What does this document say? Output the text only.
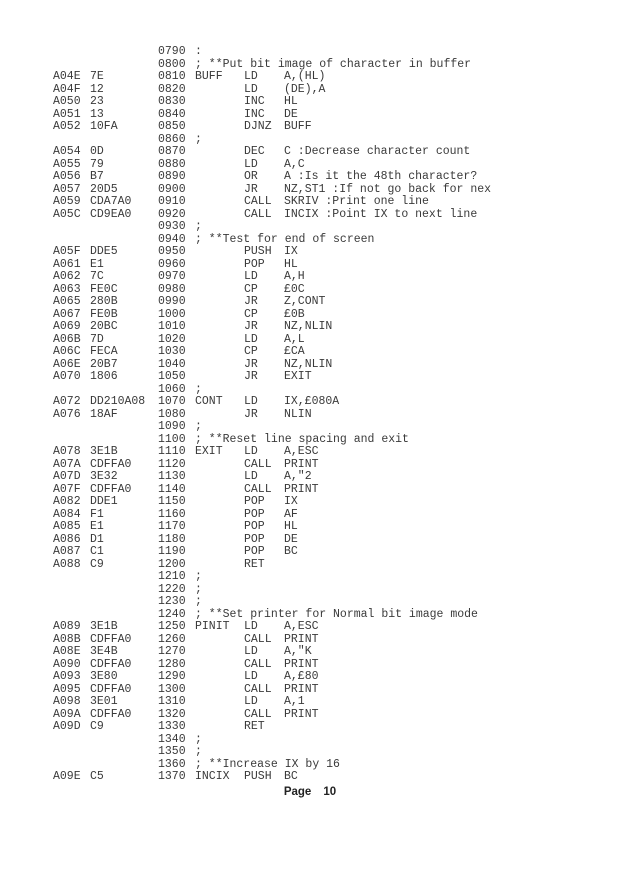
0790 :
0800 ; **Put bit image of character in buffer
A04E 7E	0810 BUFF LD A,(HL)
A04F 12	0820	LD (DE),A
A050 23	0830	INC HL
A051 13	0840	INC DE
A052 10FA	0850	DJNZ BUFF
0860 ;
A054 0D	0870	DEC C :Decrease character count
A055 79	0880	LD A,C
A056 B7	0890	OR A :Is it the 48th character?
A057 20D5	0900	JR NZ,ST1 :If not go back for nex
A059 CDA7A0 0910	CALL SKRIV :Print one line
A05C CD9EA0 0920	CALL INCIX :Point IX to next line
0930 ;
0940 ; **Test for end of screen
A05F DDE5	0950	PUSH IX
A061 E1	0960	POP HL
A062 7C	0970	LD A,H
A063 FE0C	0980	CP £0C
A065 280B	0990	JR Z,CONT
A067 FE0B	1000	CP £0B
A069 20BC	1010	JR NZ,NLIN
A06B 7D	1020	LD A,L
A06C FECA	1030	CP £CA
A06E 20B7	1040	JR NZ,NLIN
A070 1806	1050	JR EXIT
1060 ;
A072 DD210A08 1070 CONT LD IX,£080A
A076 18AF	1080	JR NLIN
1090 ;
1100 ; **Reset line spacing and exit
A078 3E1B	1110 EXIT LD A,ESC
A07A CDFFA0 1120	CALL PRINT
A07D 3E32	1130	LD A,"2
A07F CDFFA0 1140	CALL PRINT
A082 DDE1	1150	POP IX
A084 F1	1160	POP AF
A085 E1	1170	POP HL
A086 D1	1180	POP DE
A087 C1	1190	POP BC
A088 C9	1200	RET
1210 ;
1220 ;
1230 ;
1240 ; **Set printer for Normal bit image mode
A089 3E1B	1250 PINIT LD A,ESC
A08B CDFFA0 1260	CALL PRINT
A08E 3E4B	1270	LD A,"K
A090 CDFFA0 1280	CALL PRINT
A093 3E80	1290	LD A,£80
A095 CDFFA0 1300	CALL PRINT
A098 3E01	1310	LD A,1
A09A CDFFA0 1320	CALL PRINT
A09D C9	1330	RET
1340 ;
1350 ;
1360 ; **Increase IX by 16
A09E C5	1370 INCIX PUSH BC
Page 10
